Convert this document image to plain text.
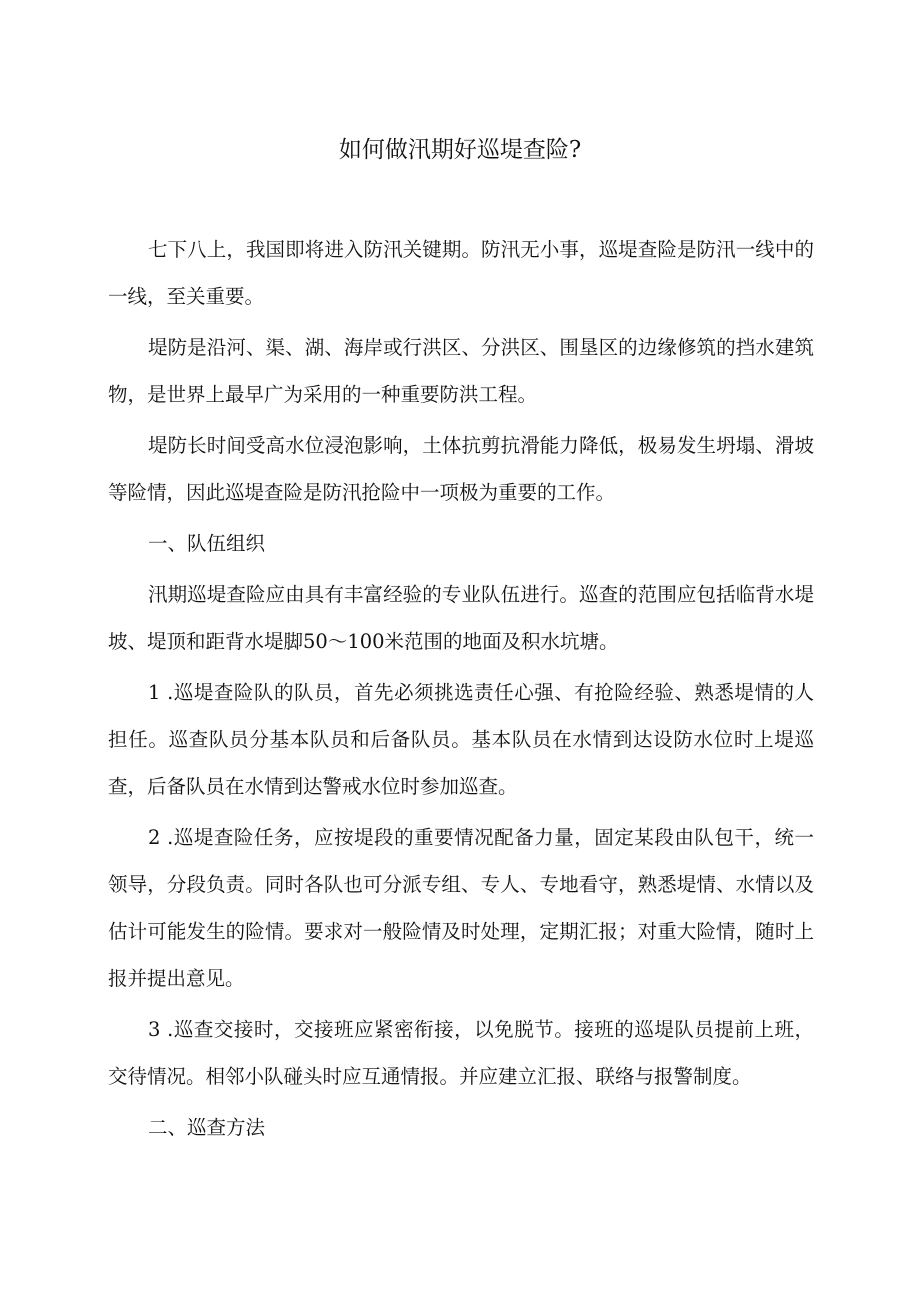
如何做汛期好巡堤查险?

七下八上，我国即将进入防汛关键期。防汛无小事，巡堤查险是防汛一线中的一线，至关重要。

堤防是沿河、渠、湖、海岸或行洪区、分洪区、围垦区的边缘修筑的挡水建筑物，是世界上最早广为采用的一种重要防洪工程。

堤防长时间受高水位浸泡影响，土体抗剪抗滑能力降低，极易发生坍塌、滑坡等险情，因此巡堤查险是防汛抢险中一项极为重要的工作。

一、队伍组织

汛期巡堤查险应由具有丰富经验的专业队伍进行。巡查的范围应包括临背水堤坡、堤顶和距背水堤脚50～100米范围的地面及积水坑塘。

1 .巡堤查险队的队员，首先必须挑选责任心强、有抢险经验、熟悉堤情的人担任。巡查队员分基本队员和后备队员。基本队员在水情到达设防水位时上堤巡查，后备队员在水情到达警戒水位时参加巡查。

2 .巡堤查险任务，应按堤段的重要情况配备力量，固定某段由队包干，统一领导，分段负责。同时各队也可分派专组、专人、专地看守，熟悉堤情、水情以及估计可能发生的险情。要求对一般险情及时处理，定期汇报；对重大险情，随时上报并提出意见。

3 .巡查交接时，交接班应紧密衔接，以免脱节。接班的巡堤队员提前上班，交待情况。相邻小队碰头时应互通情报。并应建立汇报、联络与报警制度。

二、巡查方法
